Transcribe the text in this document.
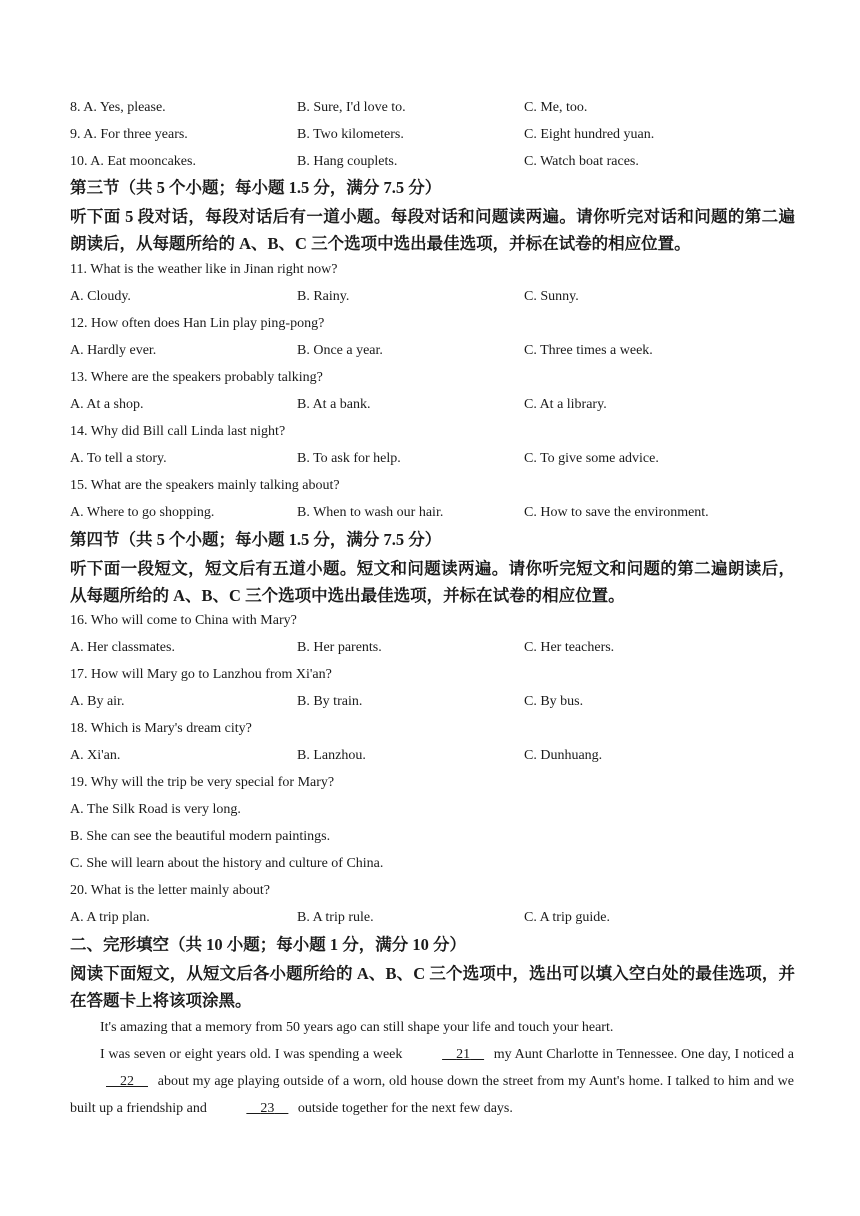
8. A. Yes, please.	B. Sure, I'd love to.	C. Me, too.
9. A. For three years.	B. Two kilometers.	C. Eight hundred yuan.
10. A. Eat mooncakes.	B. Hang couplets.	C. Watch boat races.
第三节（共 5 个小题；每小题 1.5 分，满分 7.5 分）
听下面 5 段对话，每段对话后有一道小题。每段对话和问题读两遍。请你听完对话和问题的第二遍朗读后，从每题所给的 A、B、C 三个选项中选出最佳选项，并标在试卷的相应位置。
11. What is the weather like in Jinan right now?
A. Cloudy.	B. Rainy.	C. Sunny.
12. How often does Han Lin play ping-pong?
A. Hardly ever.	B. Once a year.	C. Three times a week.
13. Where are the speakers probably talking?
A. At a shop.	B. At a bank.	C. At a library.
14. Why did Bill call Linda last night?
A. To tell a story.	B. To ask for help.	C. To give some advice.
15. What are the speakers mainly talking about?
A. Where to go shopping.	B. When to wash our hair.	C. How to save the environment.
第四节（共 5 个小题；每小题 1.5 分，满分 7.5 分）
听下面一段短文，短文后有五道小题。短文和问题读两遍。请你听完短文和问题的第二遍朗读后，从每题所给的 A、B、C 三个选项中选出最佳选项，并标在试卷的相应位置。
16. Who will come to China with Mary?
A. Her classmates.	B. Her parents.	C. Her teachers.
17. How will Mary go to Lanzhou from Xi'an?
A. By air.	B. By train.	C. By bus.
18. Which is Mary's dream city?
A. Xi'an.	B. Lanzhou.	C. Dunhuang.
19. Why will the trip be very special for Mary?
A. The Silk Road is very long.
B. She can see the beautiful modern paintings.
C. She will learn about the history and culture of China.
20. What is the letter mainly about?
A. A trip plan.	B. A trip rule.	C. A trip guide.
二、完形填空（共 10 小题；每小题 1 分，满分 10 分）
阅读下面短文，从短文后各小题所给的 A、B、C 三个选项中，选出可以填入空白处的最佳选项，并在答题卡上将该项涂黑。
It's amazing that a memory from 50 years ago can still shape your life and touch your heart.
I was seven or eight years old. I was spending a week	21 my Aunt Charlotte in Tennessee. One day, I noticed a     22 about my age playing outside of a worn, old house down the street from my Aunt's home. I talked to him and we built up a friendship and	23 outside together for the next few days.
